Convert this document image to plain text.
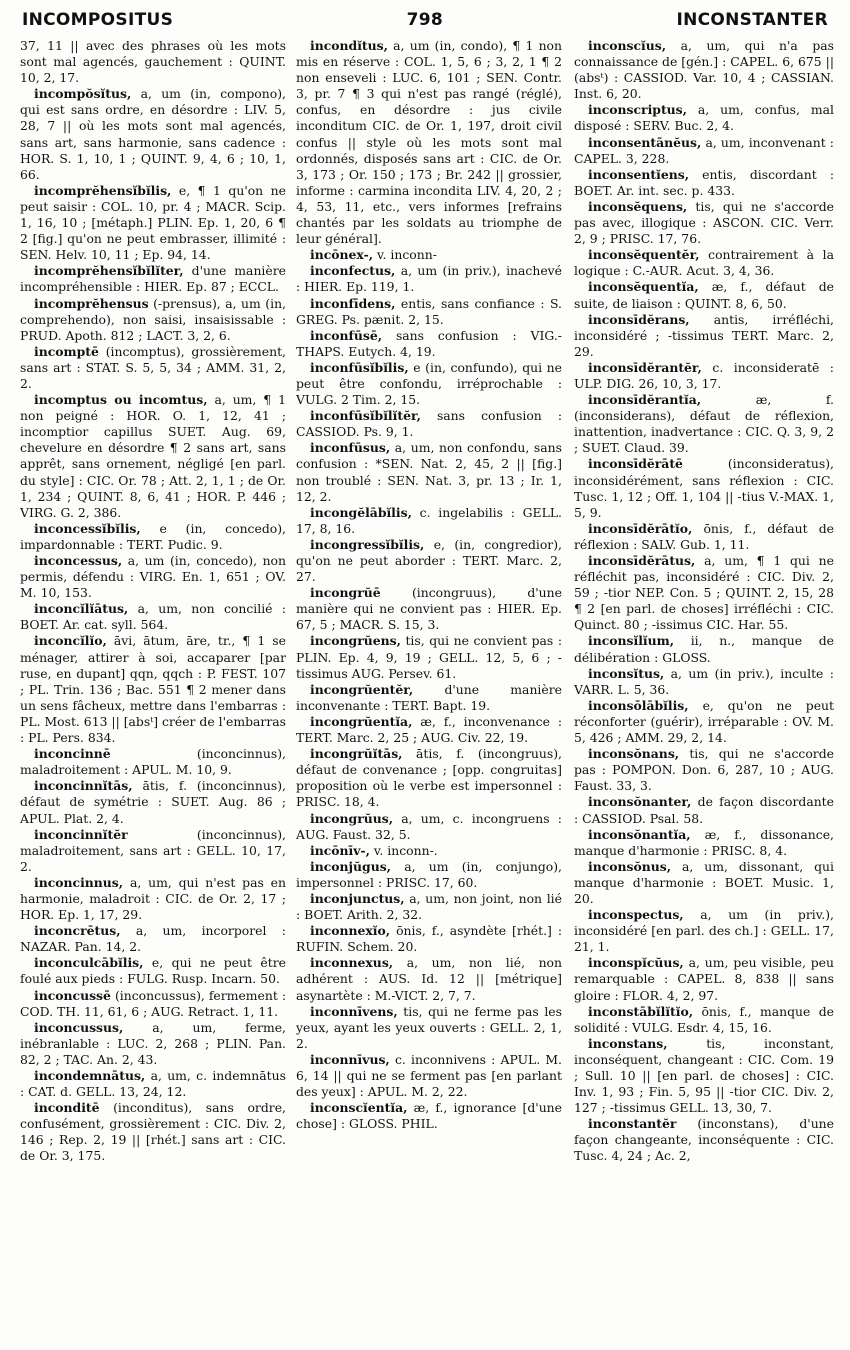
INCOMPOSITUS	798	INCONSTANTER

37, 11 || avec des phrases où les mots sont mal agencés, gauchement : QUINT. 10, 2, 17.

incompŏsĭtus, a, um (in, compono), qui est sans ordre, en désordre : LIV. 5, 28, 7 || où les mots sont mal agencés, sans art, sans harmonie, sans cadence : HOR. S. 1, 10, 1 ; QUINT. 9, 4, 6 ; 10, 1, 66.

incomprĕhensĭbĭlis, e, ¶ 1 qu'on ne peut saisir : COL. 10, pr. 4 ; MACR. Scip. 1, 16, 10 ; [métaph.] PLIN. Ep. 1, 20, 6 ¶ 2 [fig.] qu'on ne peut embrasser, illimité : SEN. Helv. 10, 11 ; Ep. 94, 14.

incomprĕhensĭbĭlĭter, d'une manière incompréhensible : HIER. Ep. 87 ; ECCL.

incomprĕhensus (-prensus), a, um (in, comprehendo), non saisi, insaisissable : PRUD. Apoth. 812 ; LACT. 3, 2, 6.

incomptē (incomptus), grossièrement, sans art : STAT. S. 5, 5, 34 ; AMM. 31, 2, 2.

incomptus ou incomtus, a, um, ¶ 1 non peigné : HOR. O. 1, 12, 41 ; incomptior capillus SUET. Aug. 69, chevelure en désordre ¶ 2 sans art, sans apprêt, sans ornement, négligé [en parl. du style] : CIC. Or. 78 ; Att. 2, 1, 1 ; de Or. 1, 234 ; QUINT. 8, 6, 41 ; HOR. P. 446 ; VIRG. G. 2, 386.

inconcessĭbĭlis, e (in, concedo), impardonnable : TERT. Pudic. 9.

inconcessus, a, um (in, concedo), non permis, défendu : VIRG. En. 1, 651 ; OV. M. 10, 153.

inconcĭlĭātus, a, um, non concilié : BOET. Ar. cat. syll. 564.

inconcĭlĭo, āvi, ātum, āre, tr., ¶ 1 se ménager, attirer à soi, accaparer [par ruse, en dupant] qqn, qqch : P. FEST. 107 ; PL. Trin. 136 ; Bac. 551 ¶ 2 mener dans un sens fâcheux, mettre dans l'embarras : PL. Most. 613 || [absᵗ] créer de l'embarras : PL. Pers. 834.

inconcinnē	(inconcinnus), maladroitement : APUL. M. 10, 9.

inconcinnĭtās, ātis, f. (inconcinnus), défaut de symétrie : SUET. Aug. 86 ; APUL. Plat. 2, 4.

inconcinnĭtĕr	(inconcinnus), maladroitement, sans art : GELL. 10, 17, 2.

inconcinnus, a, um, qui n'est pas en harmonie, maladroit : CIC. de Or. 2, 17 ; HOR. Ep. 1, 17, 29.

inconcrētus, a, um, incorporel : NAZAR. Pan. 14, 2.

inconculcābĭlis, e, qui ne peut être foulé aux pieds : FULG. Rusp. Incarn. 50.

inconcussē (inconcussus), fermement : COD. TH. 11, 61, 6 ; AUG. Retract. 1, 11.

inconcussus, a, um, ferme, inébranlable : LUC. 2, 268 ; PLIN. Pan. 82, 2 ; TAC. An. 2, 43.

incondemnātus, a, um, c. indemnātus : CAT. d. GELL. 13, 24, 12.

inconditē (inconditus), sans ordre, confusément, grossièrement : CIC. Div. 2, 146 ; Rep. 2, 19 || [rhét.] sans art : CIC. de Or. 3, 175.

incondĭtus, a, um (in, condo), ¶ 1 non mis en réserve : COL. 1, 5, 6 ; 3, 2, 1 ¶ 2 non enseveli : LUC. 6, 101 ; SEN. Contr. 3, pr. 7 ¶ 3 qui n'est pas rangé (réglé), confus, en désordre : jus civile inconditum CIC. de Or. 1, 197, droit civil confus || style où les mots sont mal ordonnés, disposés sans art : CIC. de Or. 3, 173 ; Or. 150 ; 173 ; Br. 242 || grossier, informe : carmina incondita LIV. 4, 20, 2 ; 4, 53, 11, etc., vers informes [refrains chantés par les soldats au triomphe de leur général].

incōnex-, v. inconn-

inconfectus, a, um (in priv.), inachevé : HIER. Ep. 119, 1.

inconfīdens, entis, sans confiance : S. GREG. Ps. pænit. 2, 15.

inconfūsē, sans confusion : VIG.-THAPS. Eutych. 4, 19.

inconfūsĭbĭlis, e (in, confundo), qui ne peut être confondu, irréprochable : VULG. 2 Tim. 2, 15.

inconfūsĭbĭlĭtĕr, sans confusion : CASSIOD. Ps. 9, 1.

inconfūsus, a, um, non confondu, sans confusion : *SEN. Nat. 2, 45, 2 || [fig.] non troublé : SEN. Nat. 3, pr. 13 ; Ir. 1, 12, 2.

incongĕlābĭlis, c. ingelabilis : GELL. 17, 8, 16.

incongressĭbĭlis, e, (in, congredior), qu'on ne peut aborder : TERT. Marc. 2, 27.

incongrŭē	(incongruus), d'une manière qui ne convient pas : HIER. Ep. 67, 5 ; MACR. S. 15, 3.

incongrŭens, tis, qui ne convient pas : PLIN. Ep. 4, 9, 19 ; GELL. 12, 5, 6 ; -tissimus AUG. Persev. 61.

incongrŭentĕr,	d'une manière inconvenante : TERT. Bapt. 19.

incongrŭentĭa, æ, f., inconvenance : TERT. Marc. 2, 25 ; AUG. Civ. 22, 19.

incongrŭĭtās, ātis, f. (incongruus), défaut de convenance ; [opp. congruitas] proposition où le verbe est impersonnel : PRISC. 18, 4.

incongrŭus, a, um, c. incongruens : AUG. Faust. 32, 5.

incōnīv-, v. inconn-.

inconjŭgus, a, um (in, conjungo), impersonnel : PRISC. 17, 60.

inconjunctus, a, um, non joint, non lié : BOET. Arith. 2, 32.

inconnexĭo, ōnis, f., asyndète [rhét.] : RUFIN. Schem. 20.

inconnexus, a, um, non lié, non adhérent : AUS. Id. 12 || [métrique] asynartète : M.-VICT. 2, 7, 7.

inconnīvens, tis, qui ne ferme pas les yeux, ayant les yeux ouverts : GELL. 2, 1, 2.

inconnīvus, c. inconnivens : APUL. M. 6, 14 || qui ne se ferment pas [en parlant des yeux] : APUL. M. 2, 22.

inconscĭentĭa, æ, f., ignorance [d'une chose] : GLOSS. PHIL.

inconscĭus, a, um, qui n'a pas connaissance de [gén.] : CAPEL. 6, 675 || (absᵗ) : CASSIOD. Var. 10, 4 ; CASSIAN. Inst. 6, 20.

inconscriptus, a, um, confus, mal disposé : SERV. Buc. 2, 4.

inconsentānĕus, a, um, inconvenant : CAPEL. 3, 228.

inconsentĭens, entis, discordant : BOET. Ar. int. sec. p. 433.

inconsĕquens, tis, qui ne s'accorde pas avec, illogique : ASCON. CIC. Verr. 2, 9 ; PRISC. 17, 76.

inconsĕquentĕr, contrairement à la logique : C.-AUR. Acut. 3, 4, 36.

inconsĕquentĭa, æ, f., défaut de suite, de liaison : QUINT. 8, 6, 50.

inconsīdĕrans, antis, irréfléchi, inconsidéré ; -tissimus TERT. Marc. 2, 29.

inconsīdĕrantĕr, c. inconsideratē : ULP. DIG. 26, 10, 3, 17.

inconsīdĕrantĭa,	æ, f. (inconsiderans), défaut de réflexion, inattention, inadvertance : CIC. Q. 3, 9, 2 ; SUET. Claud. 39.

inconsīdĕrātē	(inconsideratus), inconsidérément, sans réflexion : CIC. Tusc. 1, 12 ; Off. 1, 104 || -tius V.-MAX. 1, 5, 9.

inconsīdĕrātĭo, ōnis, f., défaut de réflexion : SALV. Gub. 1, 11.

inconsīdĕrātus, a, um, ¶ 1 qui ne réfléchit pas, inconsidéré : CIC. Div. 2, 59 ; -tior NEP. Con. 5 ; QUINT. 2, 15, 28 ¶ 2 [en parl. de choses] irréfléchi : CIC. Quinct. 80 ; -issimus CIC. Har. 55.

inconsĭlĭum, ii, n., manque de délibération : GLOSS.

inconsĭtus, a, um (in priv.), inculte : VARR. L. 5, 36.

inconsōlābĭlis, e, qu'on ne peut réconforter (guérir), irréparable : OV. M. 5, 426 ; AMM. 29, 2, 14.

inconsŏnans, tis, qui ne s'accorde pas : POMPON. Don. 6, 287, 10 ; AUG. Faust. 33, 3.

inconsŏnanter, de façon discordante : CASSIOD. Psal. 58.

inconsŏnantĭa, æ, f., dissonance, manque d'harmonie : PRISC. 8, 4.

inconsŏnus, a, um, dissonant, qui manque d'harmonie : BOET. Music. 1, 20.

inconspectus, a, um (in priv.), inconsidéré [en parl. des ch.] : GELL. 17, 21, 1.

inconspĭcŭus, a, um, peu visible, peu remarquable : CAPEL. 8, 838 || sans gloire : FLOR. 4, 2, 97.

inconstābĭlĭtĭo, ōnis, f., manque de solidité : VULG. Esdr. 4, 15, 16.

inconstans,	tis, inconstant, inconséquent, changeant : CIC. Com. 19 ; Sull. 10 || [en parl. de choses] : CIC. Inv. 1, 93 ; Fin. 5, 95 || -tior CIC. Div. 2, 127 ; -tissimus GELL. 13, 30, 7.

inconstantĕr (inconstans), d'une façon changeante, inconséquente : CIC. Tusc. 4, 24 ; Ac. 2,
